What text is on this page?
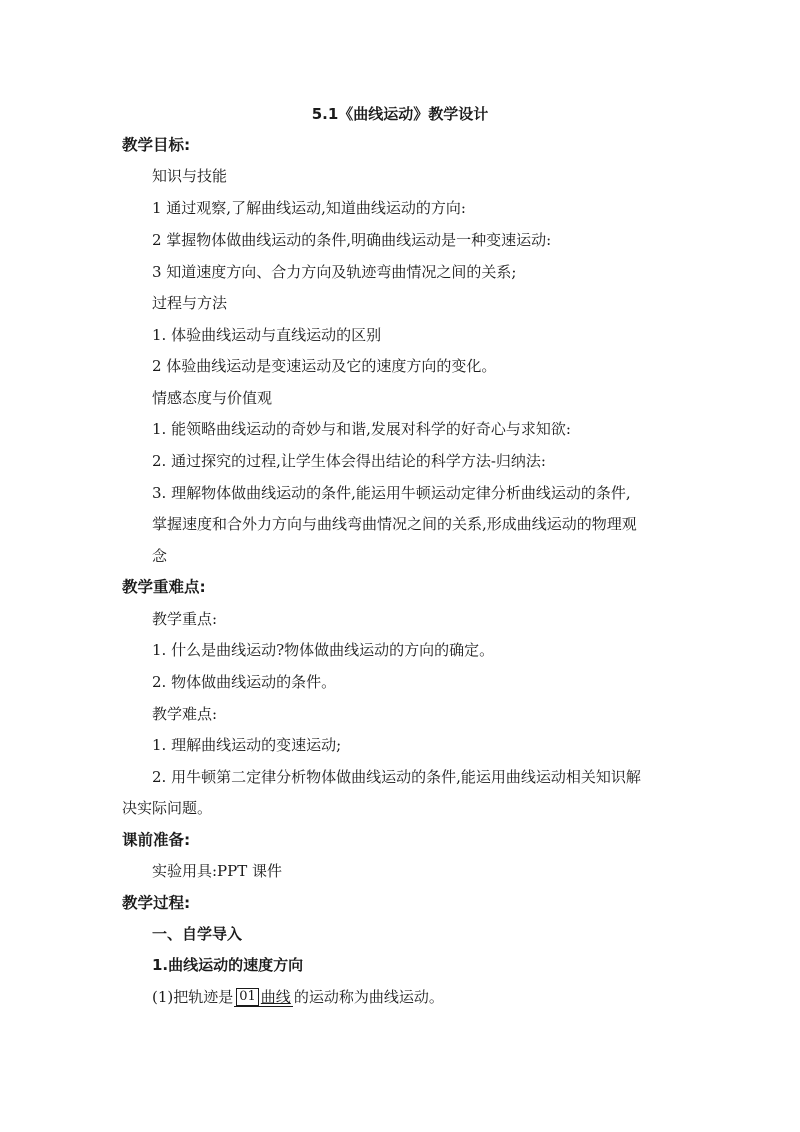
5.1《曲线运动》教学设计
教学目标:
知识与技能
1 通过观察,了解曲线运动,知道曲线运动的方向:
2 掌握物体做曲线运动的条件,明确曲线运动是一种变速运动:
3 知道速度方向、合力方向及轨迹弯曲情况之间的关系;
过程与方法
1. 体验曲线运动与直线运动的区别
2 体验曲线运动是变速运动及它的速度方向的变化。
情感态度与价值观
1. 能领略曲线运动的奇妙与和谐,发展对科学的好奇心与求知欲:
2. 通过探究的过程,让学生体会得出结论的科学方法-归纳法:
3. 理解物体做曲线运动的条件,能运用牛顿运动定律分析曲线运动的条件,
掌握速度和合外力方向与曲线弯曲情况之间的关系,形成曲线运动的物理观
念
教学重难点:
教学重点:
1. 什么是曲线运动?物体做曲线运动的方向的确定。
2. 物体做曲线运动的条件。
教学难点:
1. 理解曲线运动的变速运动;
2. 用牛顿第二定律分析物体做曲线运动的条件,能运用曲线运动相关知识解
决实际问题。
课前准备:
实验用具:PPT 课件
教学过程:
一、自学导入
1.曲线运动的速度方向
(1)把轨迹是 01 曲线 的运动称为曲线运动。
